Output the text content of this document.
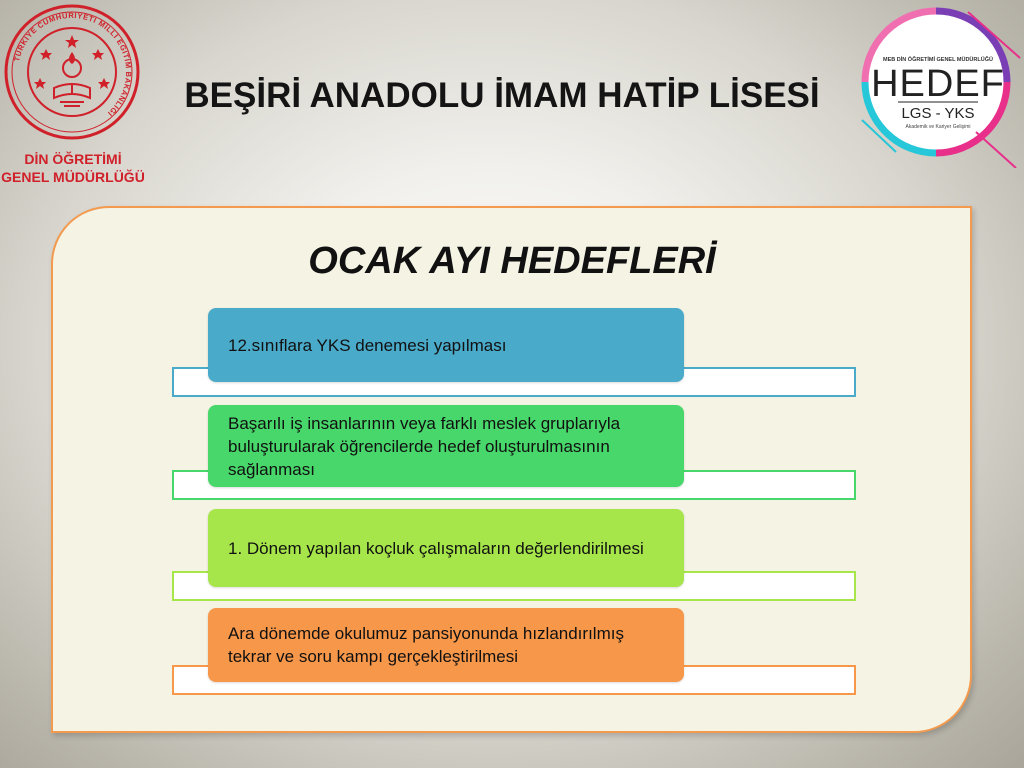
TÜRKİYE CUMHURİYETİ MİLLİ EĞİTİM BAKANLIĞI
DİN ÖĞRETİMİ
GENEL MÜDÜRLÜĞÜ
BEŞİRİ ANADOLU İMAM HATİP LİSESİ
MEB DİN ÖĞRETİMİ GENEL MÜDÜRLÜĞÜ
HEDEF
LGS - YKS
Akademik ve Kariyer Gelişimi
OCAK AYI HEDEFLERİ
12.sınıflara YKS denemesi yapılması
Başarılı iş insanlarının veya farklı meslek gruplarıyla buluşturularak öğrencilerde hedef oluşturulmasının sağlanması
1. Dönem yapılan koçluk çalışmaların değerlendirilmesi
Ara dönemde okulumuz pansiyonunda hızlandırılmış tekrar ve soru kampı gerçekleştirilmesi
